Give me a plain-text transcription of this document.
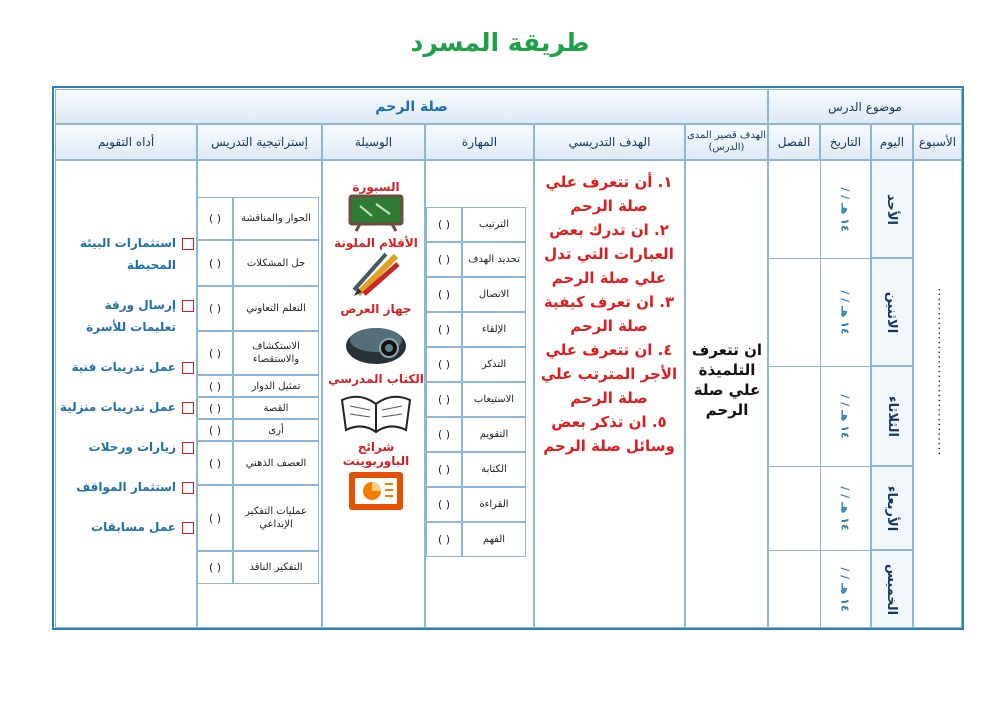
طريقة المسرد
موضوع الدرس
صلة الرحم
الأسبوع
اليوم
التاريخ
الفصل
الهدف قصير المدى (الدرس)
الهدف التدريسي
المهارة
الوسيلة
إستراتيجية التدريس
أداه التقويم
الأحد
الاثنين
الثلاثاء
الأربعاء
الخميس
/ / ١٤ هـ
/ / ١٤ هـ
/ / ١٤ هـ
/ / ١٤ هـ
/ / ١٤ هـ
...................................
ان تتعرف التلميذة علي صلة الرحم

١. أن تتعرف علي صلة الرحم

٢. ان تدرك بعض العبارات التي تدل علي صلة الرحم

٣. ان تعرف كيفية صلة الرحم

٤. ان تتعرف علي الأجر المترتب علي صلة الرحم

٥. ان تذكر بعض وسائل صلة الرحم

الترتيب
( )
تحديد الهدف
( )
الاتصال
( )
الإلقاء
( )
التذكر
( )
الاستيعاب
( )
التقويم
( )
الكتابة
( )
القراءة
( )
الفهم
( )
السبورة
الأقلام الملونة
جهاز العرض
الكتاب المدرسي
شرائح الباوربوينت
الحوار والمناقشة
( )
حل المشكلات
( )
التعلم التعاوني
( )
الاستكشاف والاستقصاء
( )
تمثيل الدوار
( )
القصة
( )
أرى
( )
العصف الذهني
( )
عمليات التفكير الإبداعي
( )
التفكير الناقد
( )
استثمارات البيئة المحيطة
إرسال ورقة تعليمات للأسرة
عمل تدريبات فنية
عمل تدريبات منزلية
زيارات ورحلات
استثمار المواقف
عمل مسابقات
